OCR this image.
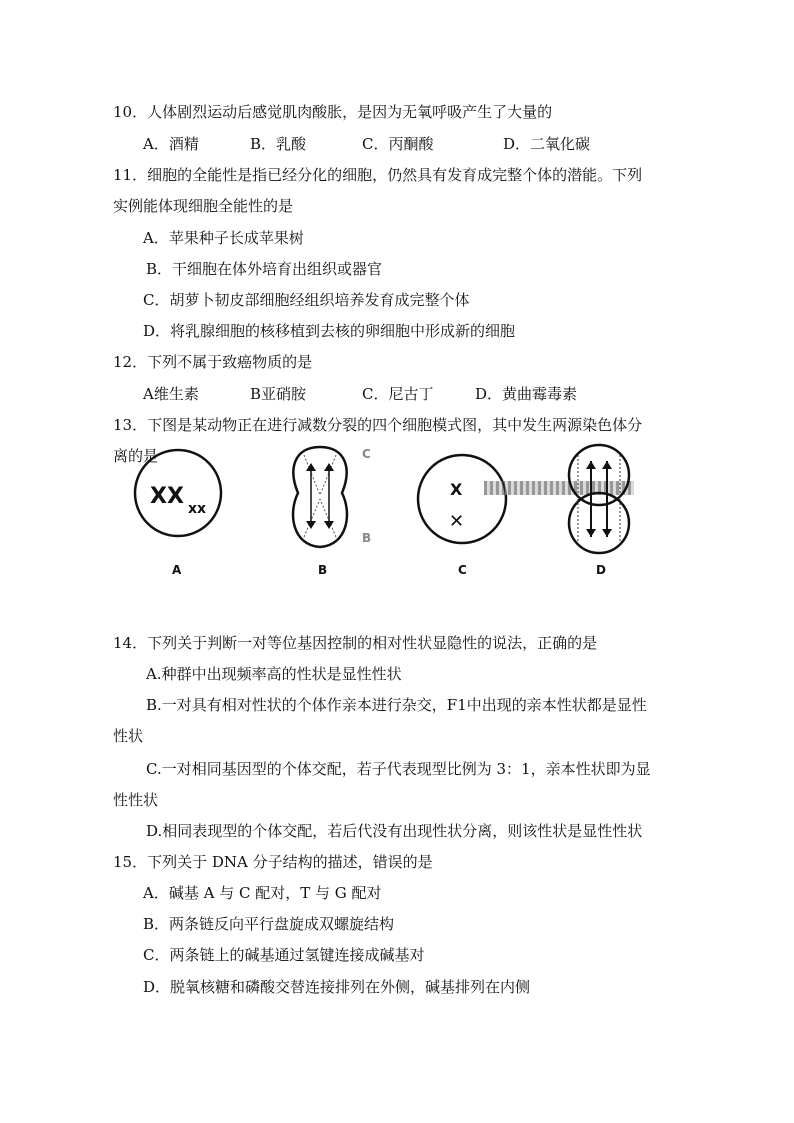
10．人体剧烈运动后感觉肌肉酸胀，是因为无氧呼吸产生了大量的
A．酒精	B．乳酸	C．丙酮酸	D．二氧化碳
11．细胞的全能性是指已经分化的细胞，仍然具有发育成完整个体的潜能。下列
实例能体现细胞全能性的是
A．苹果种子长成苹果树
B．干细胞在体外培育出组织或器官
C．胡萝卜韧皮部细胞经组织培养发育成完整个体
D．将乳腺细胞的核移植到去核的卵细胞中形成新的细胞
12．下列不属于致癌物质的是
A维生素	B亚硝胺	C．尼古丁	D．黄曲霉毒素
13．下图是某动物正在进行减数分裂的四个细胞模式图，其中发生两源染色体分
离的是
XX xx
A
C
B
B
X
✕
C	D
14．下列关于判断一对等位基因控制的相对性状显隐性的说法，正确的是
A.种群中出现频率高的性状是显性性状
B.一对具有相对性状的个体作亲本进行杂交，F1中出现的亲本性状都是显性
性状
C.一对相同基因型的个体交配，若子代表现型比例为 3：1，亲本性状即为显
性性状
D.相同表现型的个体交配，若后代没有出现性状分离，则该性状是显性性状
15．下列关于 DNA 分子结构的描述，错误的是
A．碱基 A 与 C 配对，T 与 G 配对
B．两条链反向平行盘旋成双螺旋结构
C．两条链上的碱基通过氢键连接成碱基对
D．脱氧核糖和磷酸交替连接排列在外侧，碱基排列在内侧
